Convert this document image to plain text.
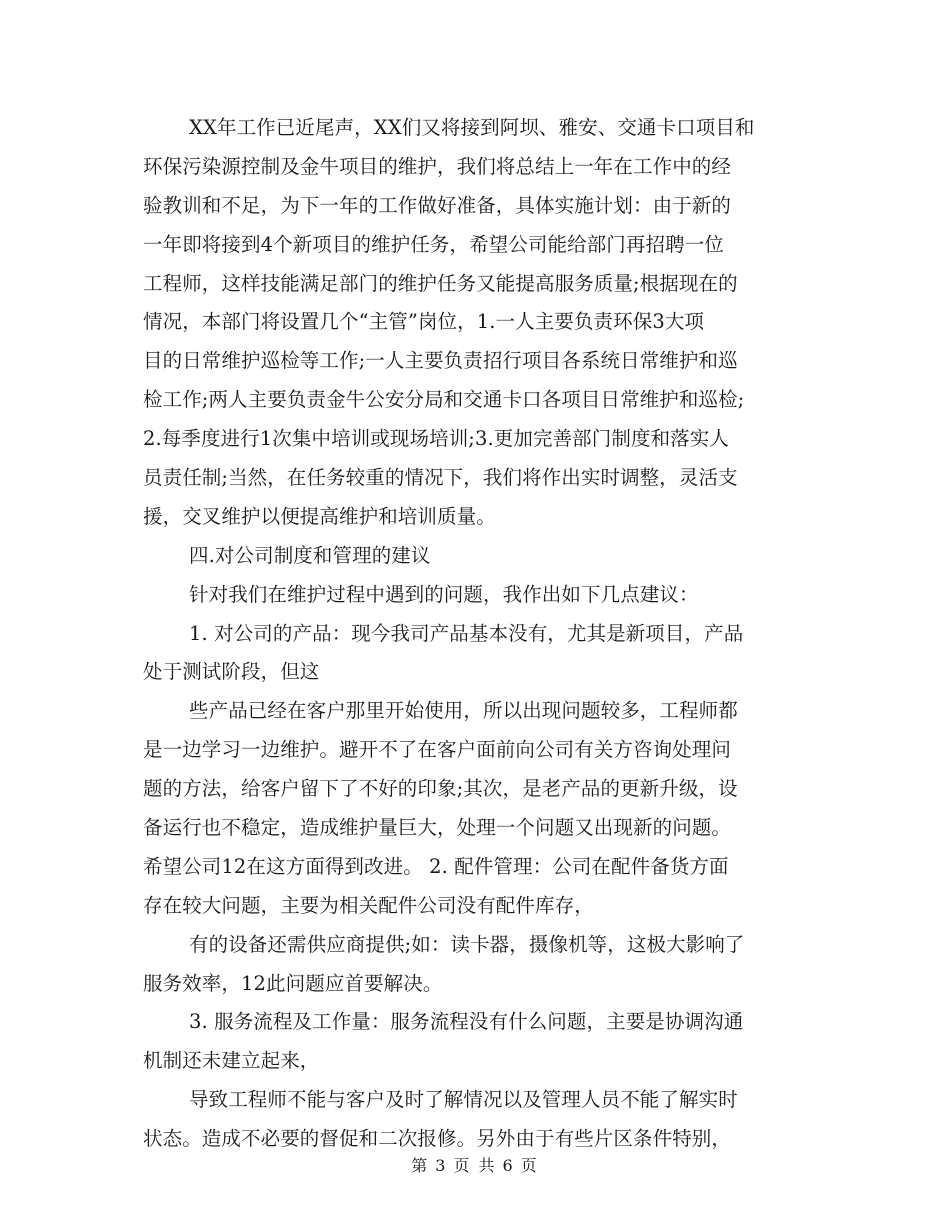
XX年工作已近尾声，XX们又将接到阿坝、雅安、交通卡口项目和
环保污染源控制及金牛项目的维护，我们将总结上一年在工作中的经
验教训和不足，为下一年的工作做好准备，具体实施计划：由于新的
一年即将接到4个新项目的维护任务，希望公司能给部门再招聘一位
工程师，这样技能满足部门的维护任务又能提高服务质量;根据现在的
情况，本部门将设置几个“主管”岗位，1.一人主要负责环保3大项
目的日常维护巡检等工作;一人主要负责招行项目各系统日常维护和巡
检工作;两人主要负责金牛公安分局和交通卡口各项目日常维护和巡检;
2.每季度进行1次集中培训或现场培训;3.更加完善部门制度和落实人
员责任制;当然，在任务较重的情况下，我们将作出实时调整，灵活支
援，交叉维护以便提高维护和培训质量。
四.对公司制度和管理的建议
针对我们在维护过程中遇到的问题，我作出如下几点建议：
1. 对公司的产品：现今我司产品基本没有，尤其是新项目，产品
处于测试阶段，但这
些产品已经在客户那里开始使用，所以出现问题较多，工程师都
是一边学习一边维护。避开不了在客户面前向公司有关方咨询处理问
题的方法，给客户留下了不好的印象;其次，是老产品的更新升级，设
备运行也不稳定，造成维护量巨大，处理一个问题又出现新的问题。
希望公司12在这方面得到改进。 2. 配件管理：公司在配件备货方面
存在较大问题，主要为相关配件公司没有配件库存，
有的设备还需供应商提供;如：读卡器，摄像机等，这极大影响了
服务效率，12此问题应首要解决。
3. 服务流程及工作量：服务流程没有什么问题，主要是协调沟通
机制还未建立起来，
导致工程师不能与客户及时了解情况以及管理人员不能了解实时
状态。造成不必要的督促和二次报修。另外由于有些片区条件特别，
第 3 页 共 6 页
